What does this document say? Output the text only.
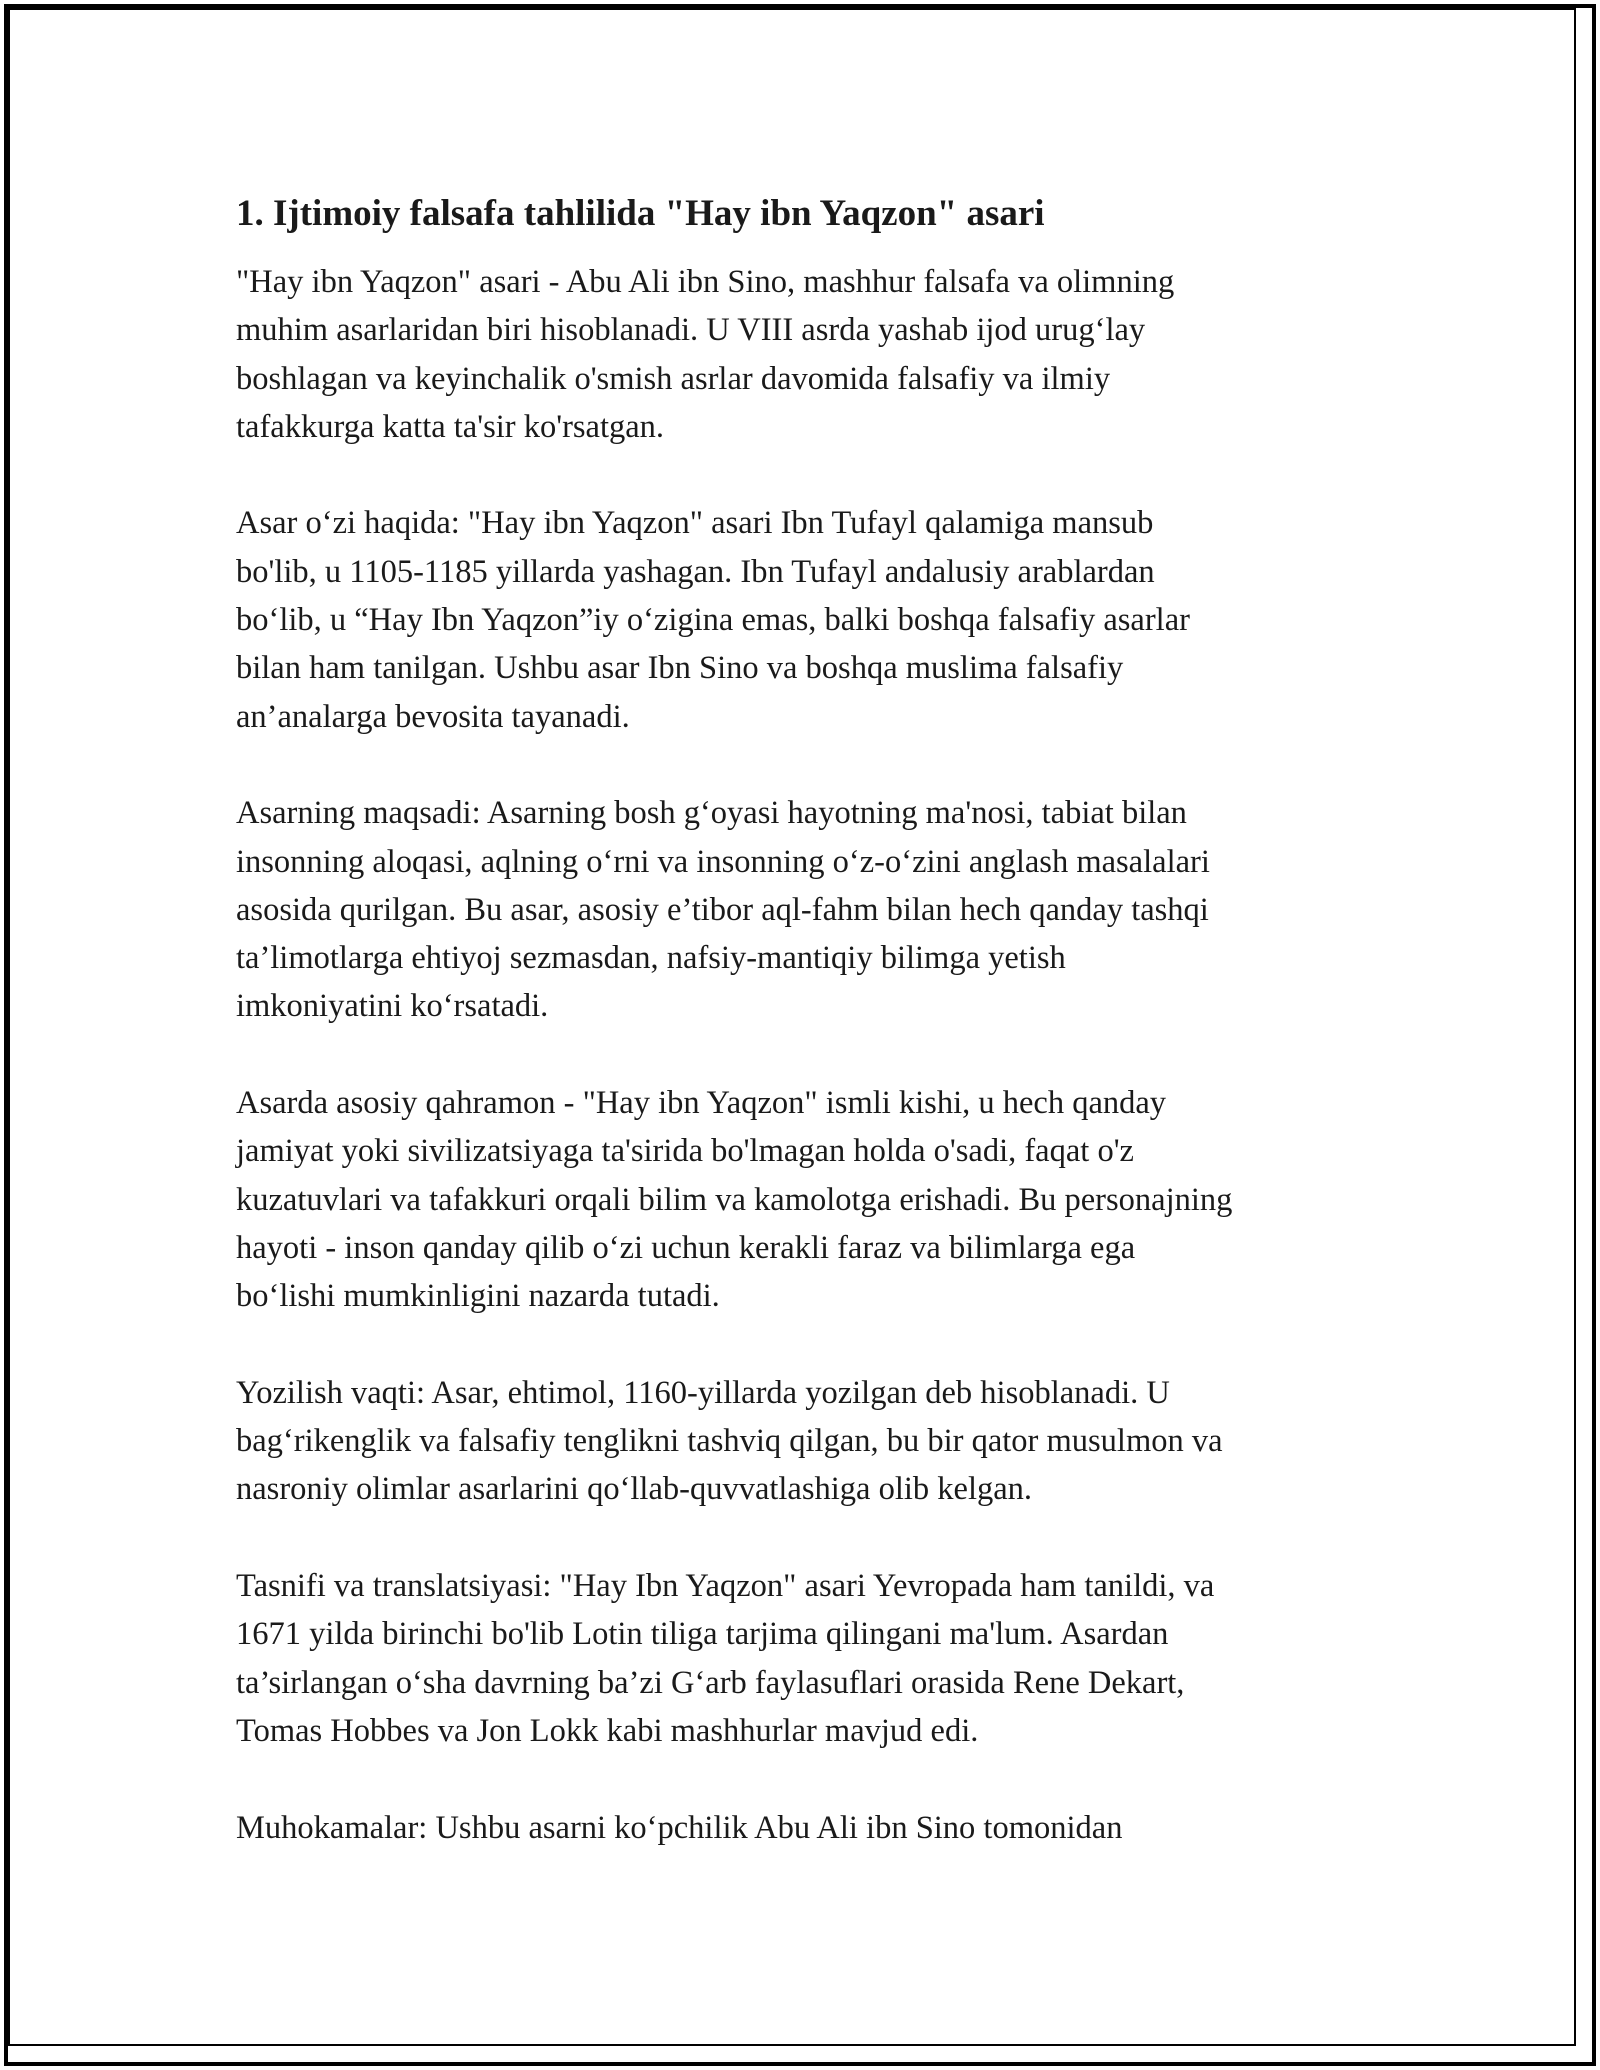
1. Ijtimoiy falsafa tahlilida "Hay ibn Yaqzon" asari

"Hay ibn Yaqzon" asari - Abu Ali ibn Sino, mashhur falsafa va olimning
muhim asarlaridan biri hisoblanadi. U VIII asrda yashab ijod urug‘lay
boshlagan va keyinchalik o'smish asrlar davomida falsafiy va ilmiy
tafakkurga katta ta'sir ko'rsatgan.

Asar o‘zi haqida: "Hay ibn Yaqzon" asari Ibn Tufayl qalamiga mansub
bo'lib, u 1105-1185 yillarda yashagan. Ibn Tufayl andalusiy arablardan
bo‘lib, u “Hay Ibn Yaqzon”iy o‘zigina emas, balki boshqa falsafiy asarlar
bilan ham tanilgan. Ushbu asar Ibn Sino va boshqa muslima falsafiy
an’analarga bevosita tayanadi.

Asarning maqsadi: Asarning bosh g‘oyasi hayotning ma'nosi, tabiat bilan
insonning aloqasi, aqlning o‘rni va insonning o‘z-o‘zini anglash masalalari
asosida qurilgan. Bu asar, asosiy e’tibor aql-fahm bilan hech qanday tashqi
ta’limotlarga ehtiyoj sezmasdan, nafsiy-mantiqiy bilimga yetish
imkoniyatini ko‘rsatadi.

Asarda asosiy qahramon - "Hay ibn Yaqzon" ismli kishi, u hech qanday
jamiyat yoki sivilizatsiyaga ta'sirida bo'lmagan holda o'sadi, faqat o'z
kuzatuvlari va tafakkuri orqali bilim va kamolotga erishadi. Bu personajning
hayoti - inson qanday qilib o‘zi uchun kerakli faraz va bilimlarga ega
bo‘lishi mumkinligini nazarda tutadi.

Yozilish vaqti: Asar, ehtimol, 1160-yillarda yozilgan deb hisoblanadi. U
bag‘rikenglik va falsafiy tenglikni tashviq qilgan, bu bir qator musulmon va
nasroniy olimlar asarlarini qo‘llab-quvvatlashiga olib kelgan.

Tasnifi va translatsiyasi: "Hay Ibn Yaqzon" asari Yevropada ham tanildi, va
1671 yilda birinchi bo'lib Lotin tiliga tarjima qilingani ma'lum. Asardan
ta’sirlangan o‘sha davrning ba’zi G‘arb faylasuflari orasida Rene Dekart,
Tomas Hobbes va Jon Lokk kabi mashhurlar mavjud edi.

Muhokamalar: Ushbu asarni ko‘pchilik Abu Ali ibn Sino tomonidan
